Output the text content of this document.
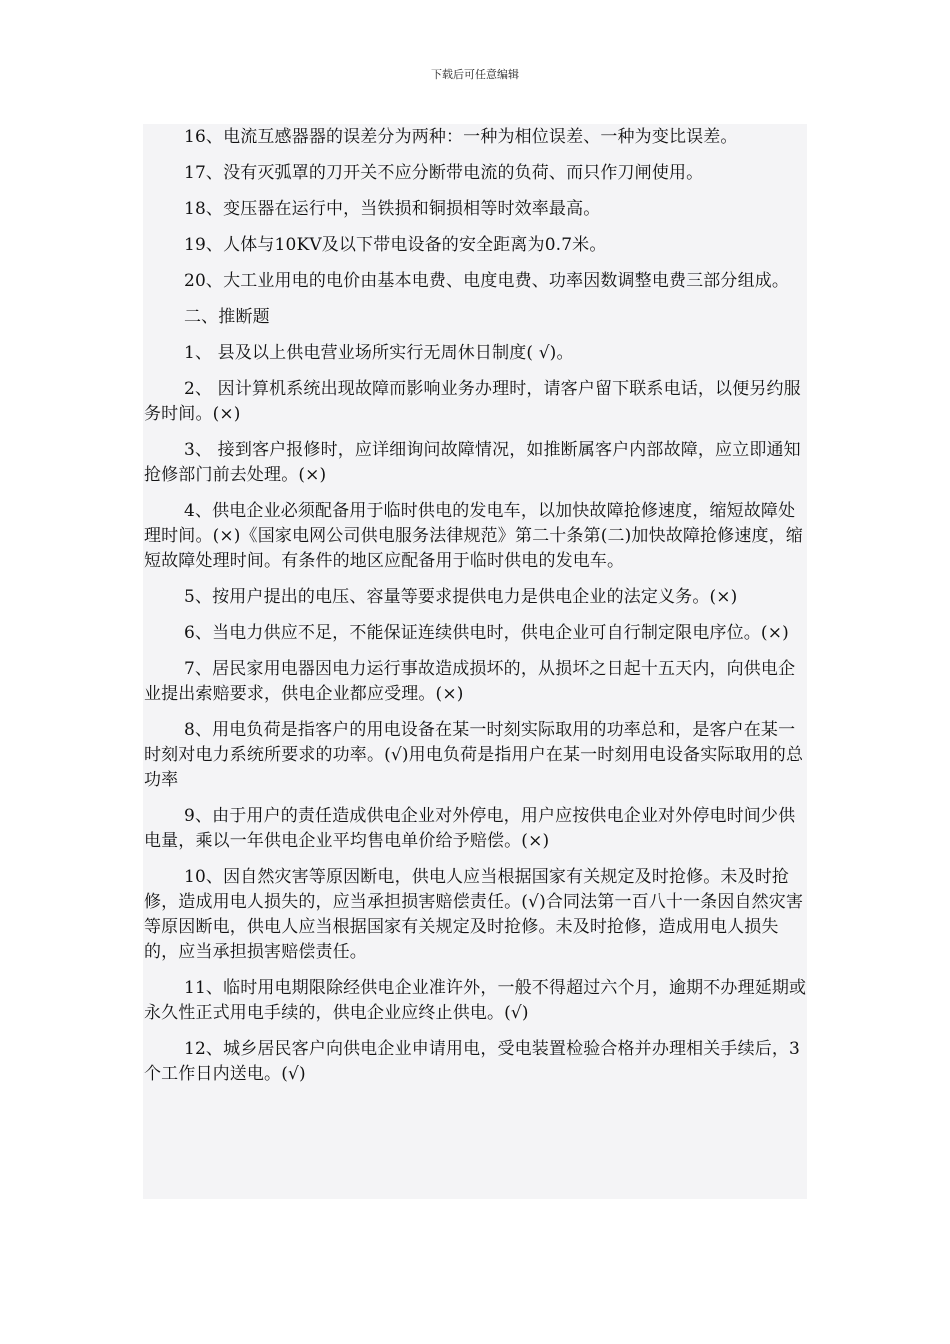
下载后可任意编辑

16、电流互感器器的误差分为两种：一种为相位误差、一种为变比误差。

17、没有灭弧罩的刀开关不应分断带电流的负荷、而只作刀闸使用。

18、变压器在运行中，当铁损和铜损相等时效率最高。

19、人体与10KV及以下带电设备的安全距离为0.7米。

20、大工业用电的电价由基本电费、电度电费、功率因数调整电费三部分组成。

二、推断题

1、 县及以上供电营业场所实行无周休日制度( √)。

2、 因计算机系统出现故障而影响业务办理时，请客户留下联系电话，以便另约服务时间。(×)

3、 接到客户报修时，应详细询问故障情况，如推断属客户内部故障，应立即通知抢修部门前去处理。(×)

4、供电企业必须配备用于临时供电的发电车，以加快故障抢修速度，缩短故障处理时间。(×)《国家电网公司供电服务法律规范》第二十条第(二)加快故障抢修速度，缩短故障处理时间。有条件的地区应配备用于临时供电的发电车。

5、按用户提出的电压、容量等要求提供电力是供电企业的法定义务。(×)

6、当电力供应不足，不能保证连续供电时，供电企业可自行制定限电序位。(×)

7、居民家用电器因电力运行事故造成损坏的，从损坏之日起十五天内，向供电企业提出索赔要求，供电企业都应受理。(×)

8、用电负荷是指客户的用电设备在某一时刻实际取用的功率总和，是客户在某一时刻对电力系统所要求的功率。(√)用电负荷是指用户在某一时刻用电设备实际取用的总功率

9、由于用户的责任造成供电企业对外停电，用户应按供电企业对外停电时间少供电量，乘以一年供电企业平均售电单价给予赔偿。(×)

10、因自然灾害等原因断电，供电人应当根据国家有关规定及时抢修。未及时抢修，造成用电人损失的，应当承担损害赔偿责任。(√)合同法第一百八十一条因自然灾害等原因断电，供电人应当根据国家有关规定及时抢修。未及时抢修，造成用电人损失的，应当承担损害赔偿责任。

11、临时用电期限除经供电企业准许外，一般不得超过六个月，逾期不办理延期或永久性正式用电手续的，供电企业应终止供电。(√)

12、城乡居民客户向供电企业申请用电，受电装置检验合格并办理相关手续后，3个工作日内送电。(√)
